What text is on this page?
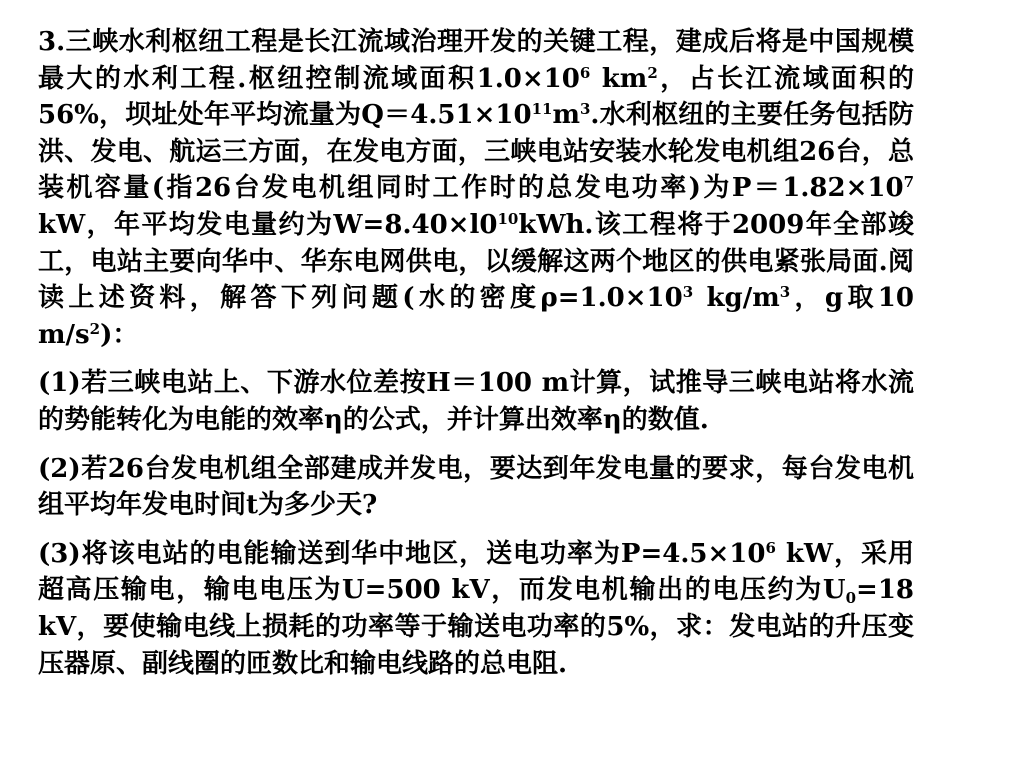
3.三峡水利枢纽工程是长江流域治理开发的关键工程，建成后将是中国规模最大的水利工程.枢纽控制流域面积$1.0\times 10^6$ $km^2$，占长江流域面积的56%，坝址处年平均流量为$Q=4.51\times 10^{11}m^3$.水利枢纽的主要任务包括防洪、发电、航运三方面，在发电方面，三峡电站安装水轮发电机组26台，总装机容量(指26台发电机组同时工作时的总发电功率)为$P=1.82\times 10^7$ kW，年平均发电量约为$W=8.40\times l0^{10}kWh$.该工程将于2009年全部竣工，电站主要向华中、华东电网供电，以缓解这两个地区的供电紧张局面.阅读上述资料，解答下列问题(水的密度$\rho=1.0\times 10^3$ $kg/m^3$，g取10 $m/s^2$)：

(1)若三峡电站上、下游水位差按H＝100 m计算，试推导三峡电站将水流的势能转化为电能的效率η的公式，并计算出效率η的数值.

(2)若26台发电机组全部建成并发电，要达到年发电量的要求，每台发电机组平均年发电时间t为多少天?

(3)将该电站的电能输送到华中地区，送电功率为$P=4.5\times 10^6$ kW，采用超高压输电，输电电压为U=500 kV，而发电机输出的电压约为$U_0=18$ kV，要使输电线上损耗的功率等于输送电功率的5%，求：发电站的升压变压器原、副线圈的匝数比和输电线路的总电阻.
